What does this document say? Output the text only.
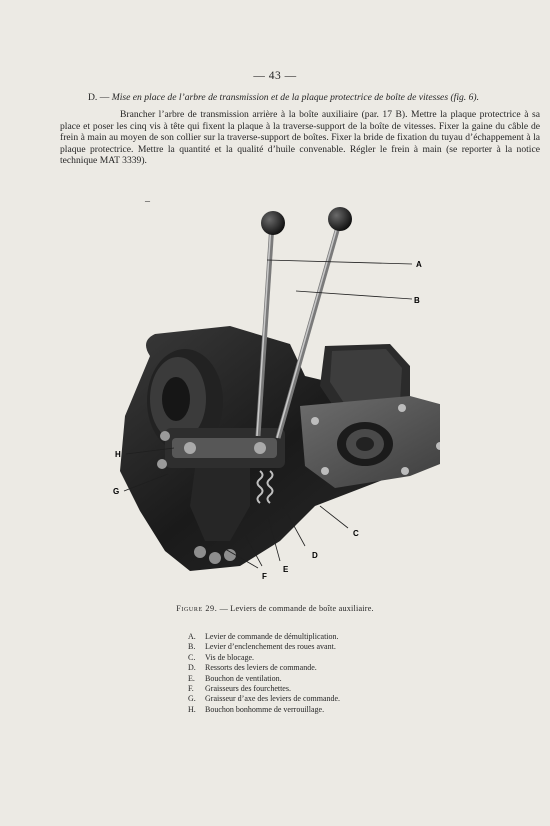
— 43 —

D. — Mise en place de l’arbre de transmission et de la plaque protectrice de boîte de vitesses (fig. 6).

Brancher l’arbre de transmission arrière à la boîte auxiliaire (par. 17 B). Mettre la plaque protectrice à sa place et poser les cinq vis à tête qui fixent la plaque à la traverse-support de la boîte de vitesses. Fixer la gaine du câble de frein à main au moyen de son collier sur la traverse-support de boîtes. Fixer la bride de fixation du tuyau d’échappement à la plaque protectrice. Mettre la quantité et la qualité d’huile convenable. Régler le frein à main (se reporter à la notice technique MAT 3339).

–
A
B
C
D
E
F
G
H
Figure 29. — Leviers de commande de boîte auxiliaire.
A.	Levier de commande de démultiplication.
B.	Levier d’enclenchement des roues avant.
C.	Vis de blocage.
D.	Ressorts des leviers de commande.
E.	Bouchon de ventilation.
F.	Graisseurs des fourchettes.
G.	Graisseur d’axe des leviers de commande.
H.	Bouchon bonhomme de verrouillage.
